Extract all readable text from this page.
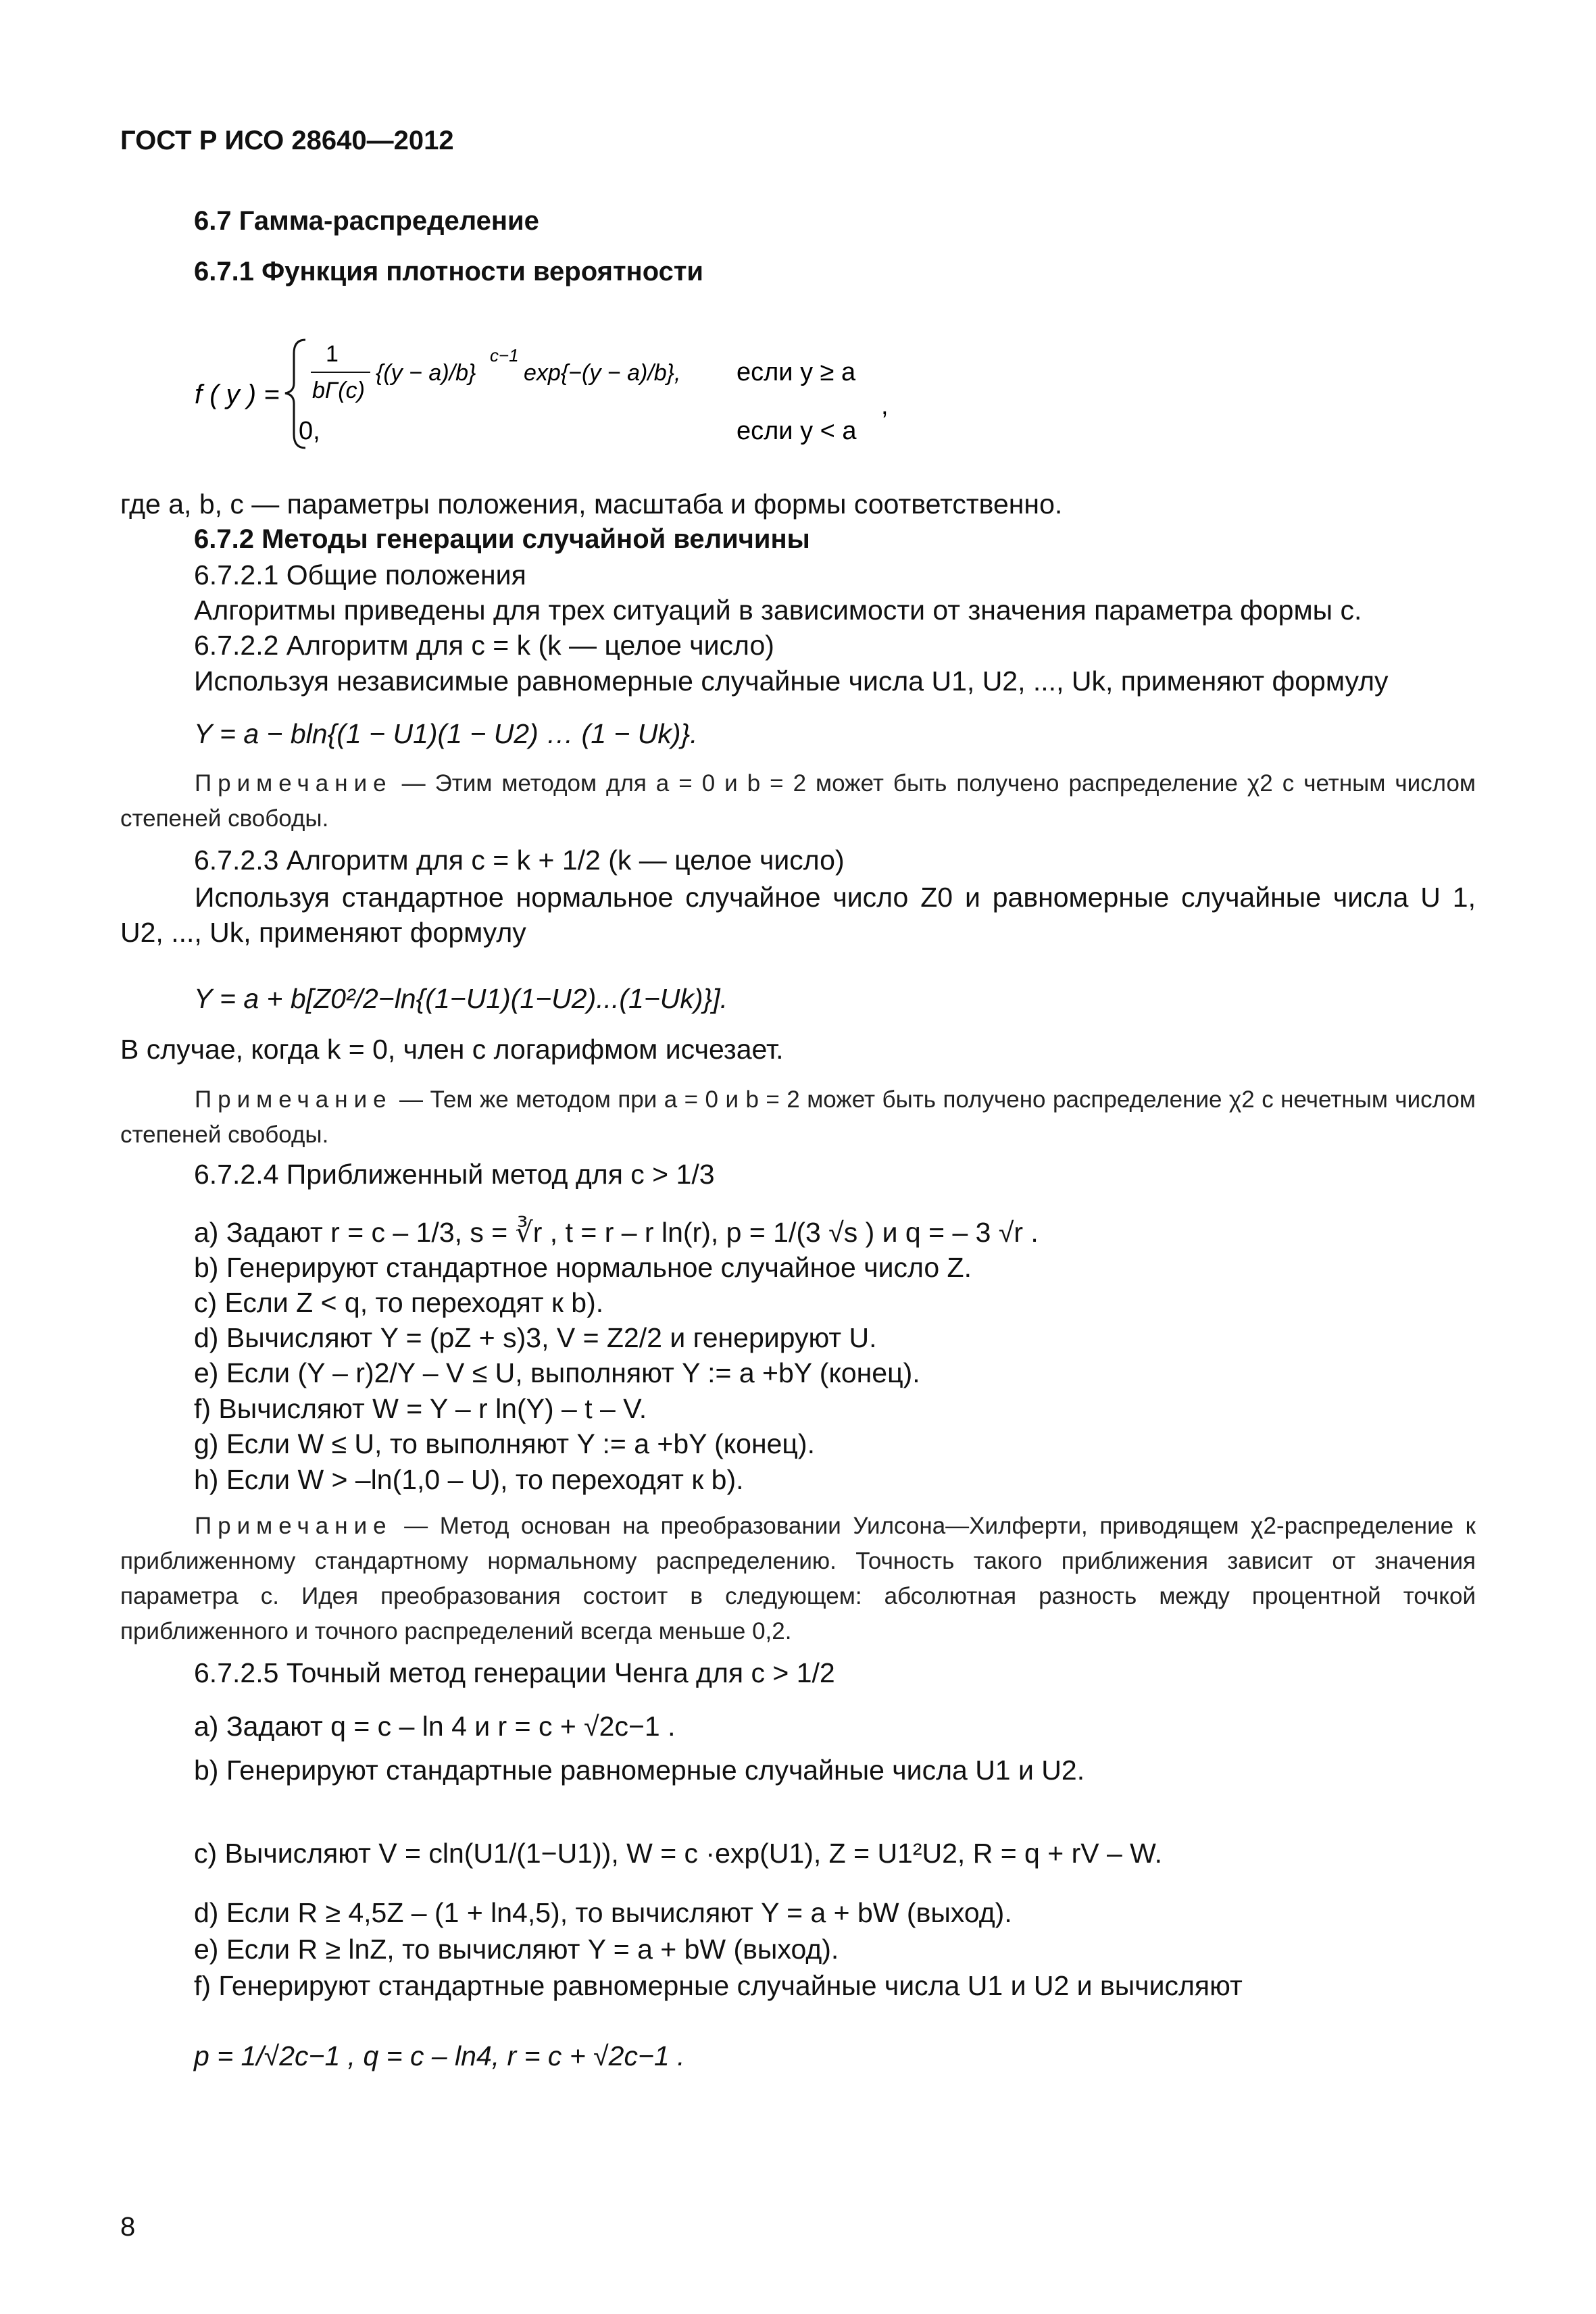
ГОСТ Р ИСО 28640—2012
6.7 Гамма-распределение
6.7.1 Функция плотности вероятности
f ( y ) =
1
bΓ(c)
{(y − a)/b}
c−1
exp{−(y − a)/b}, если y ≥ a
0,	если y < a
,
где a, b, c — параметры положения, масштаба и формы соответственно.
6.7.2 Методы генерации случайной величины
6.7.2.1 Общие положения
Алгоритмы приведены для трех ситуаций в зависимости от значения параметра формы c.
6.7.2.2 Алгоритм для c = k (k — целое число)
Используя независимые равномерные случайные числа U1, U2, ..., Uk, применяют формулу
Y = a − bln{(1 − U1)(1 − U2) … (1 − Uk)}.
Примечание — Этим методом для a = 0 и b = 2 может быть получено распределение χ2 с четным числом степеней свободы.
6.7.2.3 Алгоритм для c = k + 1/2 (k — целое число)
Используя стандартное нормальное случайное число Z0 и равномерные случайные числа U 1, U2, ..., Uk, применяют формулу
Y = a + b[Z0²/2−ln{(1−U1)(1−U2)...(1−Uk)}].
В случае, когда k = 0, член с логарифмом исчезает.
Примечание — Тем же методом при a = 0 и b = 2 может быть получено распределение χ2 с нечетным числом степеней свободы.
6.7.2.4 Приближенный метод для c > 1/3
a) Задают r = c – 1/3, s = ∛r , t = r – r ln(r), p = 1/(3 √s ) и q = – 3 √r .
b) Генерируют стандартное нормальное случайное число Z.
c) Если Z < q, то переходят к b).
d) Вычисляют Y = (pZ + s)3, V = Z2/2 и генерируют U.
e) Если (Y – r)2/Y – V ≤ U, выполняют Y := a +bY (конец).
f) Вычисляют W = Y – r ln(Y) – t – V.
g) Если W ≤ U, то выполняют Y := a +bY (конец).
h) Если W > –ln(1,0 – U), то переходят к b).
Примечание — Метод основан на преобразовании Уилсона—Хилферти, приводящем χ2-распределение к приближенному стандартному нормальному распределению. Точность такого приближения зависит от значения параметра c. Идея преобразования состоит в следующем: абсолютная разность между процентной точкой приближенного и точного распределений всегда меньше 0,2.
6.7.2.5 Точный метод генерации Ченга для c > 1/2
a) Задают q = c – ln 4 и r = c + √2c−1 .
b) Генерируют стандартные равномерные случайные числа U1 и U2.
c) Вычисляют V = cln(U1/(1−U1)), W = c ·exp(U1), Z = U1²U2, R = q + rV – W.
d) Если R ≥ 4,5Z – (1 + ln4,5), то вычисляют Y = a + bW (выход).
e) Если R ≥ lnZ, то вычисляют Y = a + bW (выход).
f) Генерируют стандартные равномерные случайные числа U1 и U2 и вычисляют
p = 1/√2c−1 , q = c – ln4, r = c + √2c−1 .
8
